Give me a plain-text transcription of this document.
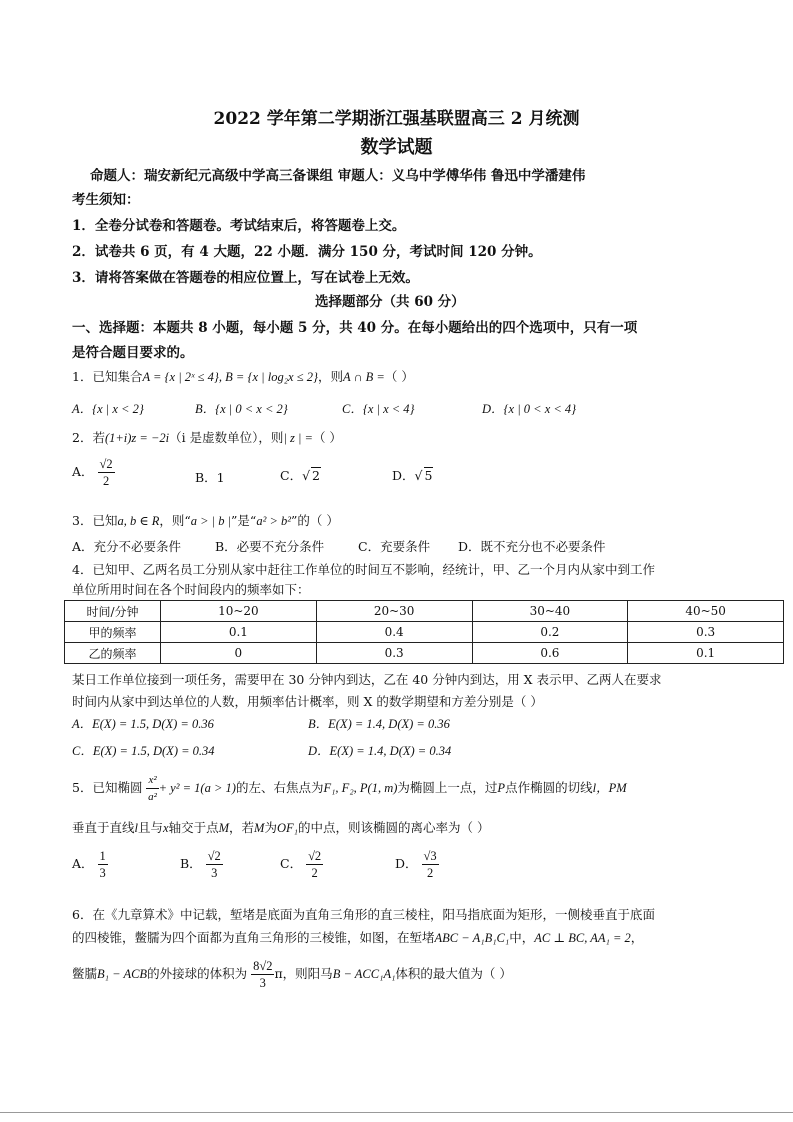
2022 学年第二学期浙江强基联盟高三 2 月统测
数学试题
命题人：瑞安新纪元高级中学高三备课组 审题人：义乌中学傅华伟 鲁迅中学潘建伟
考生须知：
1．全卷分试卷和答题卷。考试结束后，将答题卷上交。
2．试卷共 6 页，有 4 大题，22 小题．满分 150 分，考试时间 120 分钟。
3．请将答案做在答题卷的相应位置上，写在试卷上无效。
选择题部分（共 60 分）
一、选择题：本题共 8 小题，每小题 5 分，共 40 分。在每小题给出的四个选项中，只有一项
是符合题目要求的。
1．已知集合A = {x | 2ˣ ≤ 4}, B = {x | log₂x ≤ 2}，则A ∩ B =（ ）
A．{x | x < 2}	B．{x | 0 < x < 2}	C．{x | x < 4}	D．{x | 0 < x < 4}
2．若(1+i)z = −2i（i 是虚数单位），则| z | =（ ）
A． $\frac{√2}{2}$	B．1	C．√ 2	D．√ 5
3．已知a, b ∈ R，则“a > | b |”是“a² > b²”的（ ）
A．充分不必要条件	B．必要不充分条件	C．充要条件 D．既不充分也不必要条件
4．已知甲、乙两名员工分别从家中赶往工作单位的时间互不影响，经统计，甲、乙一个月内从家中到工作
单位所用时间在各个时间段内的频率如下：
时间/分钟	10~20	20~30	30~40	40~50
甲的频率	0.1	0.4	0.2	0.3
乙的频率	0	0.3	0.6	0.1
某日工作单位接到一项任务，需要甲在 30 分钟内到达，乙在 40 分钟内到达，用 X 表示甲、乙两人在要求
时间内从家中到达单位的人数，用频率估计概率，则 X 的数学期望和方差分别是（ ）
A．E(X) = 1.5, D(X) = 0.36	B．E(X) = 1.4, D(X) = 0.36
C．E(X) = 1.5, D(X) = 0.34	D．E(X) = 1.4, D(X) = 0.34
5．已知椭圆 $\frac{\text{x²}}{\text{a²}} + y^2 = 1(a > 1)$的左、右焦点为F₁, F₂, P(1, m)为椭圆上一点，过P点作椭圆的切线l，PM
垂直于直线l且与x轴交于点M，若M为OF₁的中点，则该椭圆的离心率为（ ）
A． $\frac{1}{3}$	B． $\frac{√2}{3}$	C． $\frac{√2}{2}$	D． $\frac{√3}{2}$
6．在《九章算术》中记载，堑堵是底面为直角三角形的直三棱柱，阳马指底面为矩形，一侧棱垂直于底面
的四棱锥，鳖臑为四个面都为直角三角形的三棱锥，如图，在堑堵ABC − A₁B₁C₁中，AC ⊥ BC, AA₁ = 2，
鳖臑B₁ − ACB的外接球的体积为 $\frac{8√2}{3}$ π，则阳马B − ACC₁A₁体积的最大值为（ ）
